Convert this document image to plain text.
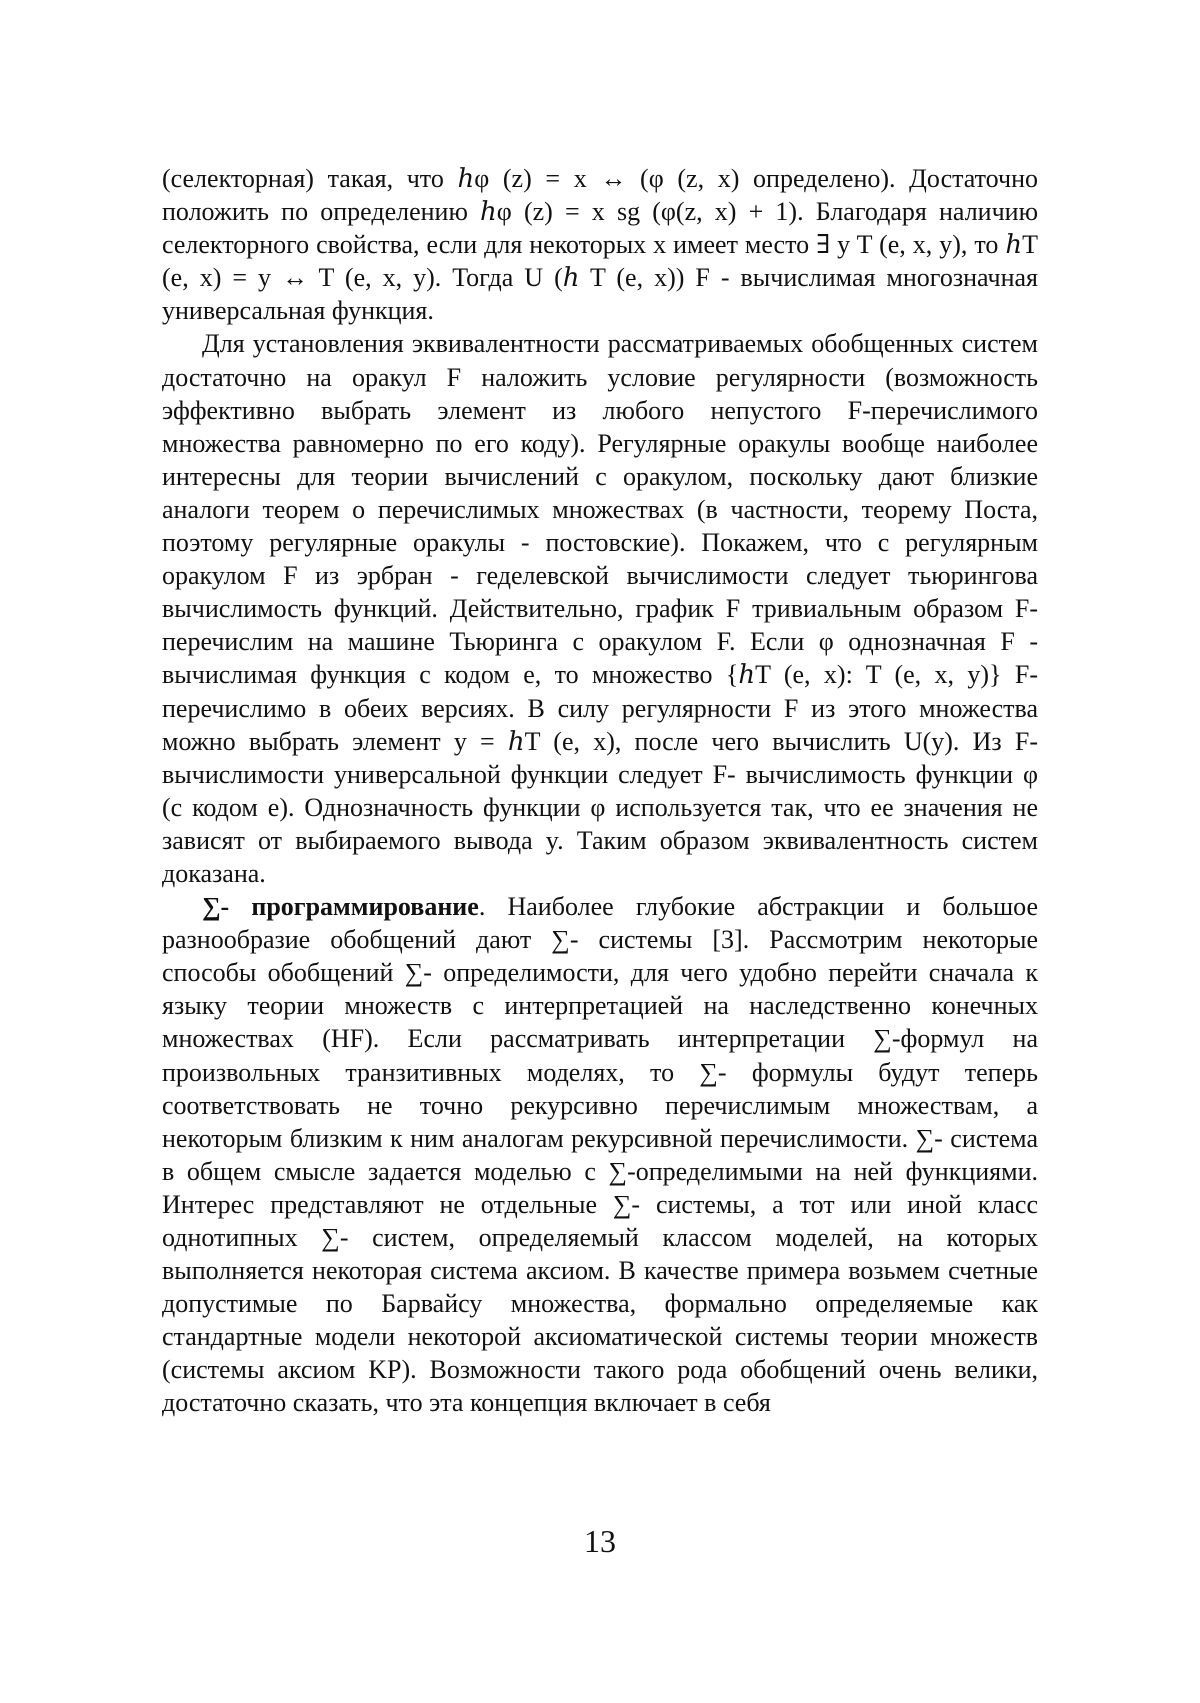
(селекторная) такая, что ℎφ (z) = x ↔ (φ (z, x) определено). Достаточно положить по определению ℎφ (z) = x sg (φ(z, x) + 1). Благодаря наличию селекторного свойства, если для некоторых x имеет место ∃ y T (e, x, y), то ℎT (e, x) = y ↔ T (e, x, y). Тогда U (ℎ T (e, x)) F - вычислимая многозначная универсальная функция.

Для установления эквивалентности рассматриваемых обобщенных систем достаточно на оракул F наложить условие регулярности (возможность эффективно выбрать элемент из любого непустого F-перечислимого множества равномерно по его коду). Регулярные оракулы вообще наиболее интересны для теории вычислений с оракулом, поскольку дают близкие аналоги теорем о перечислимых множествах (в частности, теорему Поста, поэтому регулярные оракулы - постовские). Покажем, что с регулярным оракулом F из эрбран - геделевской вычислимости следует тьюрингова вычислимость функций. Действительно, график F тривиальным образом F-перечислим на машине Тьюринга с оракулом F. Если φ однозначная F - вычислимая функция с кодом e, то множество {ℎT (e, x): T (e, x, y)} F- перечислимо в обеих версиях. В силу регулярности F из этого множества можно выбрать элемент y = ℎT (e, x), после чего вычислить U(y). Из F- вычислимости универсальной функции следует F- вычислимость функции φ (с кодом e). Однозначность функции φ используется так, что ее значения не зависят от выбираемого вывода y. Таким образом эквивалентность систем доказана.

∑- программирование. Наиболее глубокие абстракции и большое разнообразие обобщений дают ∑- системы [3]. Рассмотрим некоторые способы обобщений ∑- определимости, для чего удобно перейти сначала к языку теории множеств с интерпретацией на наследственно конечных множествах (HF). Если рассматривать интерпретации ∑-формул на произвольных транзитивных моделях, то ∑- формулы будут теперь соответствовать не точно рекурсивно перечислимым множествам, а некоторым близким к ним аналогам рекурсивной перечислимости. ∑- система в общем смысле задается моделью с ∑-определимыми на ней функциями. Интерес представляют не отдельные ∑- системы, а тот или иной класс однотипных ∑- систем, определяемый классом моделей, на которых выполняется некоторая система аксиом. В качестве примера возьмем счетные допустимые по Барвайсу множества, формально определяемые как стандартные модели некоторой аксиоматической системы теории множеств (системы аксиом KP). Возможности такого рода обобщений очень велики, достаточно сказать, что эта концепция включает в себя

13
